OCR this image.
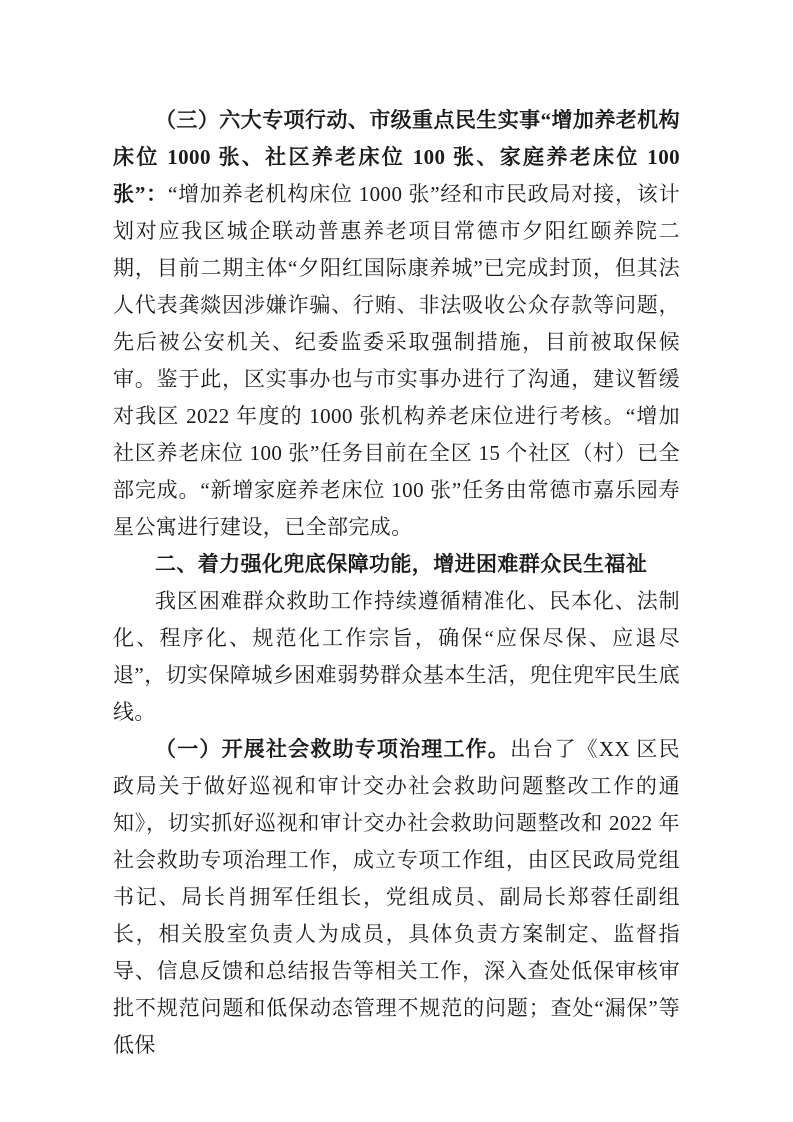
（三）六大专项行动、市级重点民生实事“增加养老机构床位 1000 张、社区养老床位 100 张、家庭养老床位 100 张”：“增加养老机构床位 1000 张”经和市民政局对接，该计划对应我区城企联动普惠养老项目常德市夕阳红颐养院二期，目前二期主体“夕阳红国际康养城”已完成封顶，但其法人代表龚燚因涉嫌诈骗、行贿、非法吸收公众存款等问题，先后被公安机关、纪委监委采取强制措施，目前被取保候审。鉴于此，区实事办也与市实事办进行了沟通，建议暂缓对我区 2022 年度的 1000 张机构养老床位进行考核。“增加社区养老床位 100 张”任务目前在全区 15 个社区（村）已全部完成。“新增家庭养老床位 100 张”任务由常德市嘉乐园寿星公寓进行建设，已全部完成。

二、着力强化兜底保障功能，增进困难群众民生福祉

我区困难群众救助工作持续遵循精准化、民本化、法制化、程序化、规范化工作宗旨，确保“应保尽保、应退尽退”，切实保障城乡困难弱势群众基本生活，兜住兜牢民生底线。

（一）开展社会救助专项治理工作。出台了《XX 区民政局关于做好巡视和审计交办社会救助问题整改工作的通知》，切实抓好巡视和审计交办社会救助问题整改和 2022 年社会救助专项治理工作，成立专项工作组，由区民政局党组书记、局长肖拥军任组长，党组成员、副局长郑蓉任副组长，相关股室负责人为成员，具体负责方案制定、监督指导、信息反馈和总结报告等相关工作，深入查处低保审核审批不规范问题和低保动态管理不规范的问题；查处“漏保”等低保
